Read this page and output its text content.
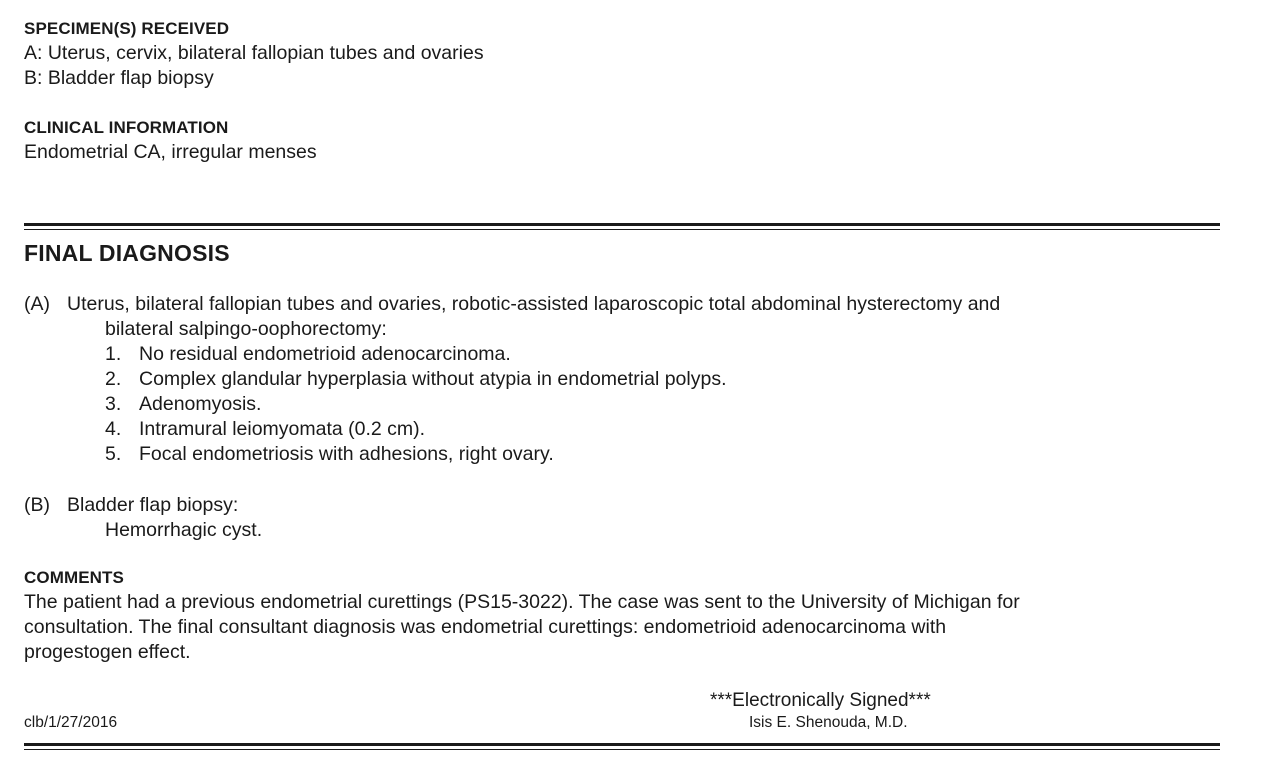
SPECIMEN(S) RECEIVED
A: Uterus, cervix, bilateral fallopian tubes and ovaries
B: Bladder flap biopsy
CLINICAL INFORMATION
Endometrial CA, irregular menses
FINAL DIAGNOSIS
(A) Uterus, bilateral fallopian tubes and ovaries, robotic-assisted laparoscopic total abdominal hysterectomy and
bilateral salpingo-oophorectomy:
1. No residual endometrioid adenocarcinoma.
2. Complex glandular hyperplasia without atypia in endometrial polyps.
3. Adenomyosis.
4. Intramural leiomyomata (0.2 cm).
5. Focal endometriosis with adhesions, right ovary.
(B) Bladder flap biopsy:
Hemorrhagic cyst.
COMMENTS
The patient had a previous endometrial curettings (PS15-3022). The case was sent to the University of Michigan for
consultation. The final consultant diagnosis was endometrial curettings: endometrioid adenocarcinoma with
progestogen effect.
***Electronically Signed***
clb/1/27/2016	Isis E. Shenouda, M.D.
